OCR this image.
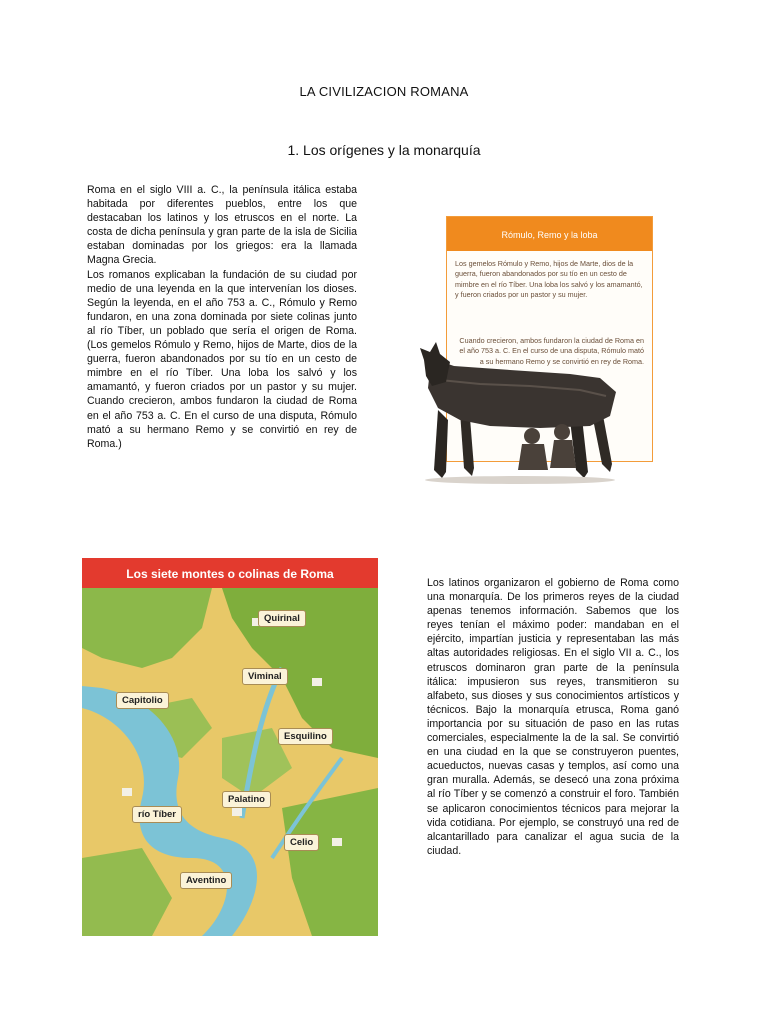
LA CIVILIZACION ROMANA
1. Los orígenes y la monarquía
Roma en el siglo VIII a. C., la península itálica estaba habitada por diferentes pueblos, entre los que destacaban los latinos y los etruscos en el norte. La costa de dicha península y gran parte de la isla de Sicilia estaban dominadas por los griegos: era la llamada Magna Grecia.
Los romanos explicaban la fundación de su ciudad por medio de una leyenda en la que intervenían los dioses. Según la leyenda, en el año 753 a. C., Rómulo y Remo fundaron, en una zona dominada por siete colinas junto al río Tíber, un poblado que sería el origen de Roma. (Los gemelos Rómulo y Remo, hijos de Marte, dios de la guerra, fueron abandonados por su tío en un cesto de mimbre en el río Tíber. Una loba los salvó y los amamantó, y fueron criados por un pastor y su mujer. Cuando crecieron, ambos fundaron la ciudad de Roma en el año 753 a. C. En el curso de una disputa, Rómulo mató a su hermano Remo y se convirtió en rey de Roma.)
Rómulo, Remo y la loba

Los gemelos Rómulo y Remo, hijos de Marte, dios de la guerra, fueron abandonados por su tío en un cesto de mimbre en el río Tíber. Una loba los salvó y los amamantó, y fueron criados por un pastor y su mujer.

Cuando crecieron, ambos fundaron la ciudad de Roma en el año 753 a. C. En el curso de una disputa, Rómulo mató a su hermano Remo y se convirtió en rey de Roma.
Los siete montes o colinas de Roma
Quirinal
Viminal
Capitolio
Esquilino
Palatino
río Tíber
Celio
Aventino
Los latinos organizaron el gobierno de Roma como una monarquía. De los primeros reyes de la ciudad apenas tenemos información. Sabemos que los reyes tenían el máximo poder: mandaban en el ejército, impartían justicia y representaban las más altas autoridades religiosas. En el siglo VII a. C., los etruscos dominaron gran parte de la península itálica: impusieron sus reyes, transmitieron su alfabeto, sus dioses y sus conocimientos artísticos y técnicos. Bajo la monarquía etrusca, Roma ganó importancia por su situación de paso en las rutas comerciales, especialmente la de la sal. Se convirtió en una ciudad en la que se construyeron puentes, acueductos, nuevas casas y templos, así como una gran muralla. Además, se desecó una zona próxima al río Tíber y se comenzó a construir el foro. También se aplicaron conocimientos técnicos para mejorar la vida cotidiana. Por ejemplo, se construyó una red de alcantarillado para canalizar el agua sucia de la ciudad.
